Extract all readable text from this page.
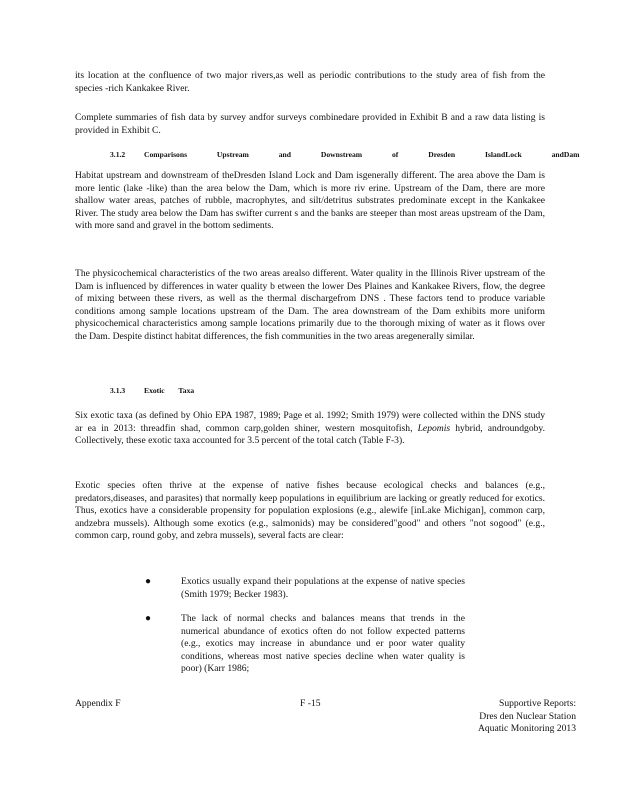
its location at the confluence of two major rivers,as well as periodic contributions to the study area of fish from the species -rich Kankakee River.

Complete summaries of fish data by survey andfor surveys combinedare provided in Exhibit B and a raw data listing is provided in Exhibit C.

3.1.2 Comparisons Upstream and Downstream of Dresden IslandLock andDam

Habitat upstream and downstream of theDresden Island Lock and Dam isgenerally different. The area above the Dam is more lentic (lake -like) than the area below the Dam, which is more riv erine. Upstream of the Dam, there are more shallow water areas, patches of rubble, macrophytes, and silt/detritus substrates predominate except in the Kankakee River. The study area below the Dam has swifter current s and the banks are steeper than most areas upstream of the Dam, with more sand and gravel in the bottom sediments.

The physicochemical characteristics of the two areas arealso different. Water quality in the Illinois River upstream of the Dam is influenced by differences in water quality b etween the lower Des Plaines and Kankakee Rivers, flow, the degree of mixing between these rivers, as well as the thermal dischargefrom DNS . These factors tend to produce variable conditions among sample locations upstream of the Dam. The area downstream of the Dam exhibits more uniform physicochemical characteristics among sample locations primarily due to the thorough mixing of water as it flows over the Dam. Despite distinct habitat differences, the fish communities in the two areas aregenerally similar.

3.1.3 Exotic Taxa

Six exotic taxa (as defined by Ohio EPA 1987, 1989; Page et al. 1992; Smith 1979) were collected within the DNS study ar ea in 2013: threadfin shad, common carp,golden shiner, western mosquitofish, Lepomis hybrid, androundgoby. Collectively, these exotic taxa accounted for 3.5 percent of the total catch (Table F-3).

Exotic species often thrive at the expense of native fishes because ecological checks and balances (e.g., predators,diseases, and parasites) that normally keep populations in equilibrium are lacking or greatly reduced for exotics. Thus, exotics have a considerable propensity for population explosions (e.g., alewife [inLake Michigan], common carp, andzebra mussels). Although some exotics (e.g., salmonids) may be considered"good" and others "not sogood" (e.g., common carp, round goby, and zebra mussels), several facts are clear:

●	Exotics usually expand their populations at the expense of native species (Smith 1979; Becker 1983).
●	The lack of normal checks and balances means that trends in the numerical abundance of exotics often do not follow expected patterns (e.g., exotics may increase in abundance und er poor water quality conditions, whereas most native species decline when water quality is poor) (Karr 1986;
Appendix F	F -15	Supportive Reports:
Dres den Nuclear Station
Aquatic Monitoring 2013
